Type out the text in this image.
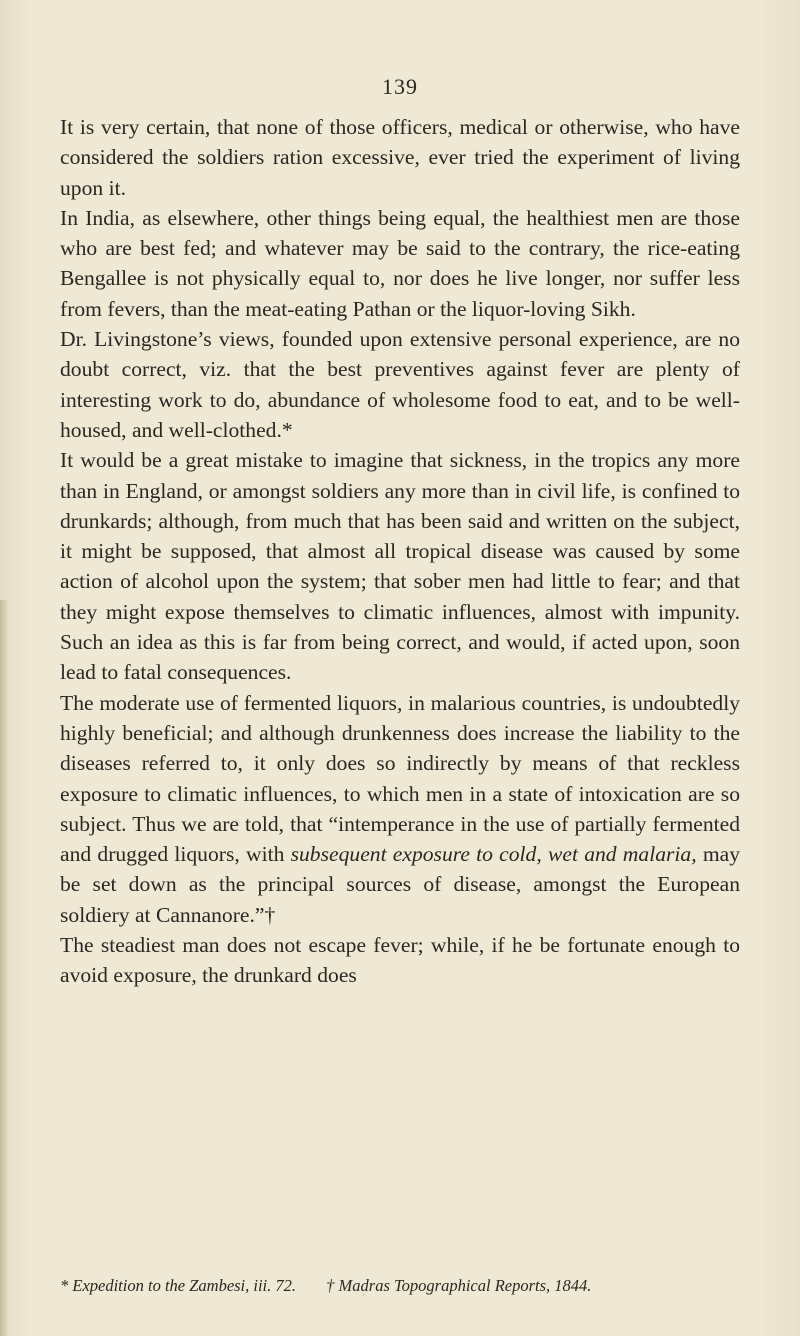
139

It is very certain, that none of those officers, medical or otherwise, who have considered the soldiers ration excessive, ever tried the experiment of living upon it.

In India, as elsewhere, other things being equal, the healthiest men are those who are best fed; and whatever may be said to the contrary, the rice-eating Bengallee is not physically equal to, nor does he live longer, nor suffer less from fevers, than the meat-eating Pathan or the liquor-loving Sikh.

Dr. Livingstone’s views, founded upon extensive personal experience, are no doubt correct, viz. that the best preventives against fever are plenty of interesting work to do, abundance of wholesome food to eat, and to be well-housed, and well-clothed.*

It would be a great mistake to imagine that sickness, in the tropics any more than in England, or amongst soldiers any more than in civil life, is confined to drunkards; although, from much that has been said and written on the subject, it might be supposed, that almost all tropical disease was caused by some action of alcohol upon the system; that sober men had little to fear; and that they might expose themselves to climatic influences, almost with impunity. Such an idea as this is far from being correct, and would, if acted upon, soon lead to fatal consequences.

The moderate use of fermented liquors, in malarious countries, is undoubtedly highly beneficial; and although drunkenness does increase the liability to the diseases referred to, it only does so indirectly by means of that reckless exposure to climatic influences, to which men in a state of intoxication are so subject. Thus we are told, that “intemperance in the use of partially fermented and drugged liquors, with subsequent exposure to cold, wet and malaria, may be set down as the principal sources of disease, amongst the European soldiery at Cannanore.”†

The steadiest man does not escape fever; while, if he be fortunate enough to avoid exposure, the drunkard does

* Expedition to the Zambesi, iii. 72. † Madras Topographical Reports, 1844.
